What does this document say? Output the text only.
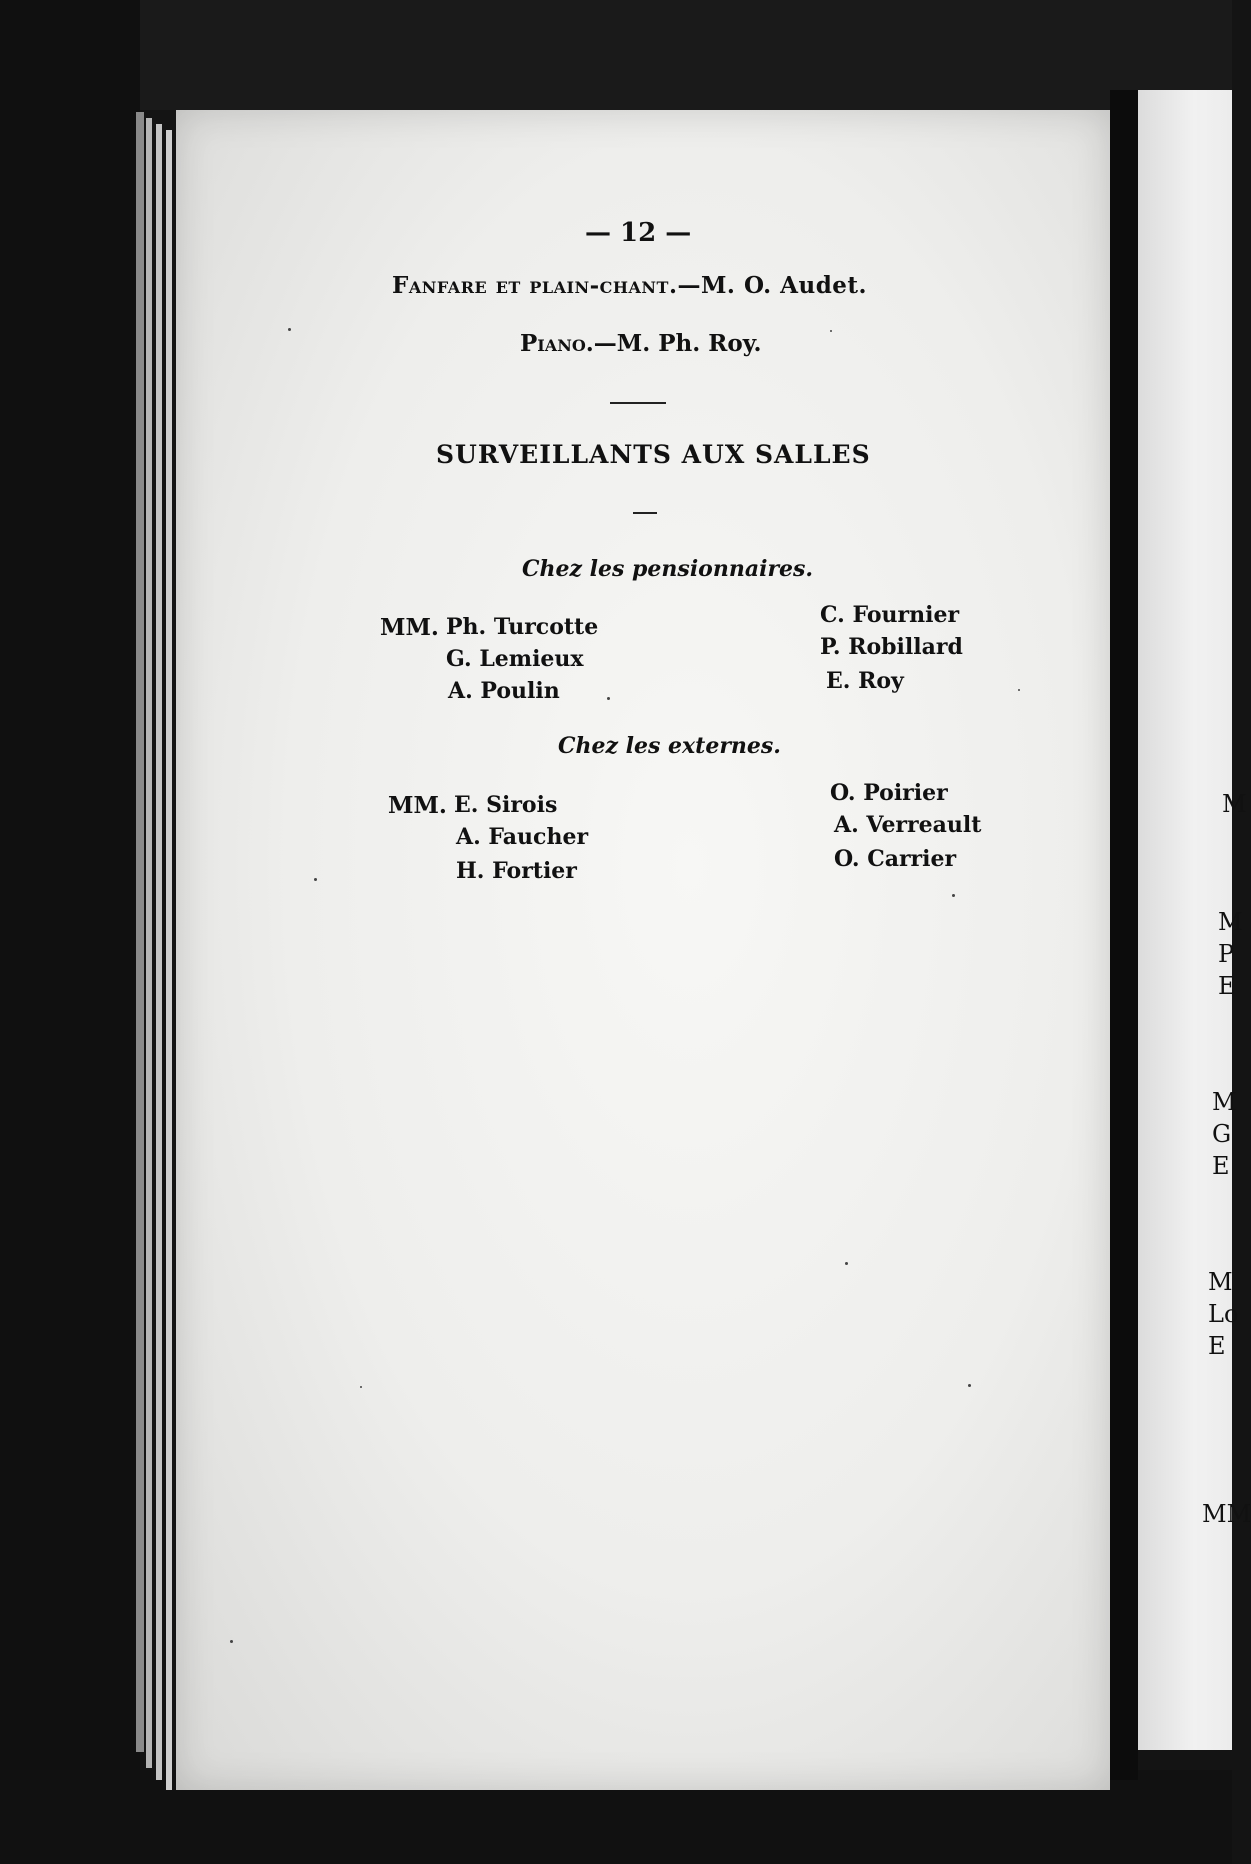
M
M
P
E
M
G
E
M
Lo
E
MM
— 12 —
Fanfare et plain-chant.—M. O. Audet.
Piano.—M. Ph. Roy.
SURVEILLANTS AUX SALLES
Chez les pensionnaires.
MM. Ph. Turcotte
G. Lemieux
A. Poulin
C. Fournier
P. Robillard
E. Roy
Chez les externes.
MM. E. Sirois
A. Faucher
H. Fortier
O. Poirier
A. Verreault
O. Carrier
